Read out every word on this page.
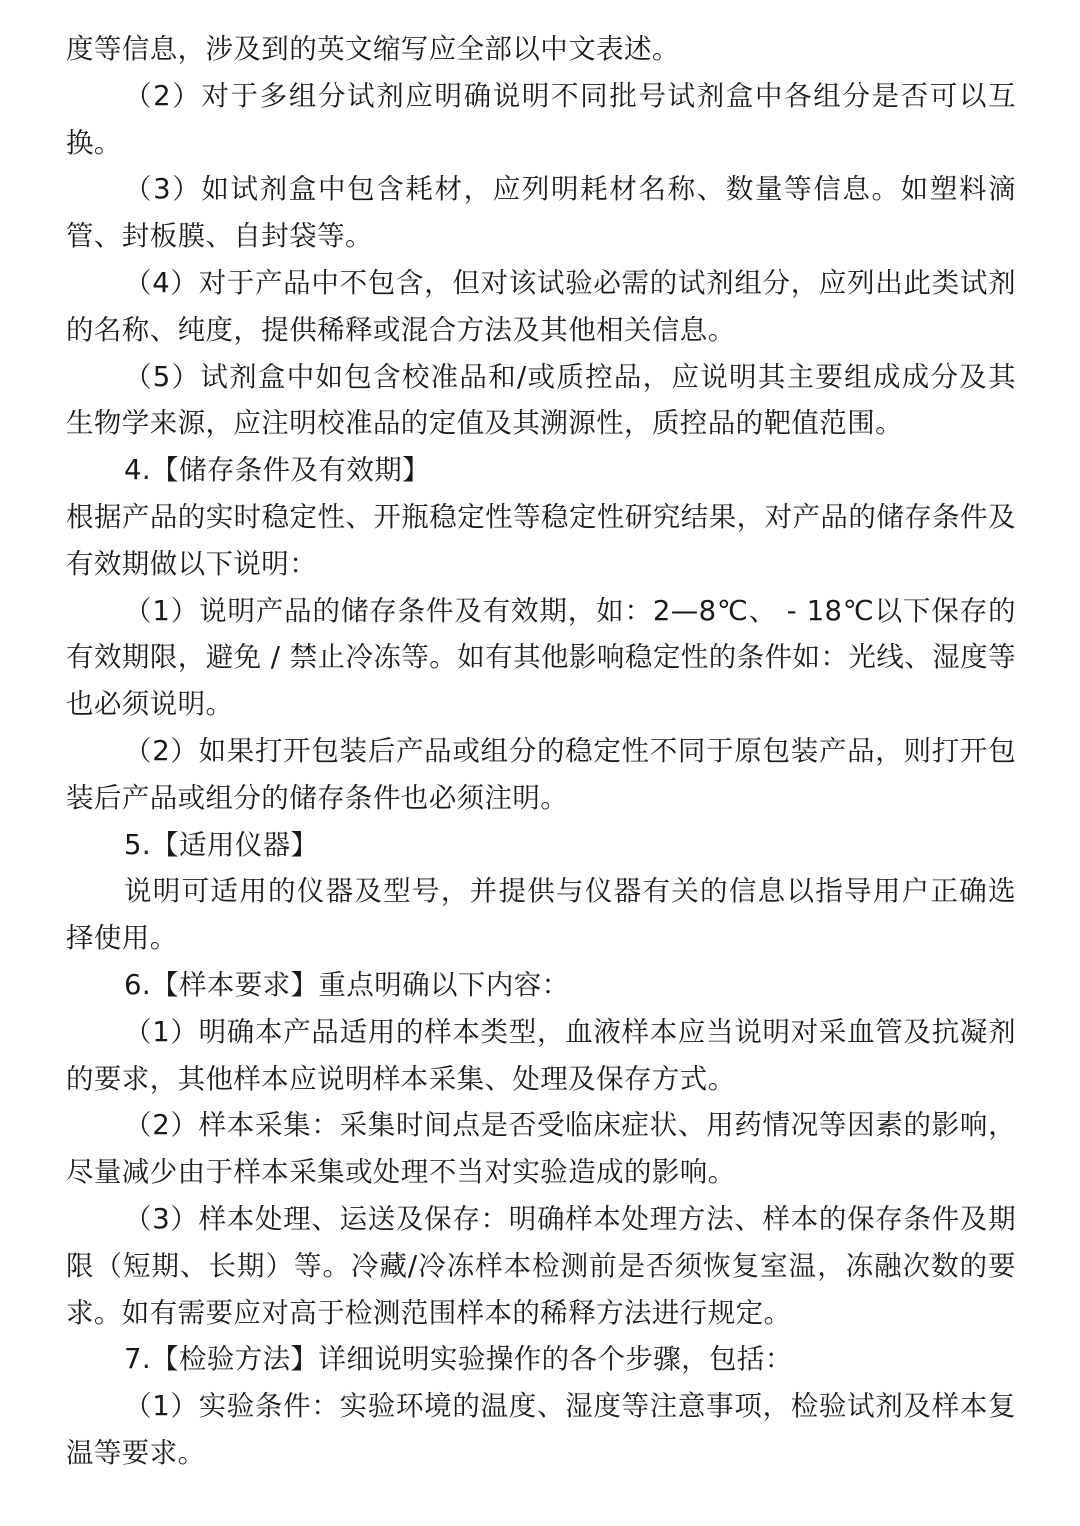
度等信息，涉及到的英文缩写应全部以中文表述。

（2）对于多组分试剂应明确说明不同批号试剂盒中各组分是否可以互换。

（3）如试剂盒中包含耗材，应列明耗材名称、数量等信息。如塑料滴管、封板膜、自封袋等。

（4）对于产品中不包含，但对该试验必需的试剂组分，应列出此类试剂的名称、纯度，提供稀释或混合方法及其他相关信息。

（5）试剂盒中如包含校准品和/或质控品，应说明其主要组成成分及其生物学来源，应注明校准品的定值及其溯源性，质控品的靶值范围。

4.【储存条件及有效期】

根据产品的实时稳定性、开瓶稳定性等稳定性研究结果，对产品的储存条件及有效期做以下说明：

（1）说明产品的储存条件及有效期，如：2—8℃、 - 18℃以下保存的有效期限，避免 / 禁止冷冻等。如有其他影响稳定性的条件如：光线、湿度等也必须说明。

（2）如果打开包装后产品或组分的稳定性不同于原包装产品，则打开包装后产品或组分的储存条件也必须注明。

5.【适用仪器】

说明可适用的仪器及型号，并提供与仪器有关的信息以指导用户正确选择使用。

6.【样本要求】重点明确以下内容：

（1）明确本产品适用的样本类型，血液样本应当说明对采血管及抗凝剂的要求，其他样本应说明样本采集、处理及保存方式。

（2）样本采集：采集时间点是否受临床症状、用药情况等因素的影响，尽量减少由于样本采集或处理不当对实验造成的影响。

（3）样本处理、运送及保存：明确样本处理方法、样本的保存条件及期限（短期、长期）等。冷藏/冷冻样本检测前是否须恢复室温，冻融次数的要求。如有需要应对高于检测范围样本的稀释方法进行规定。

7.【检验方法】详细说明实验操作的各个步骤，包括：

（1）实验条件：实验环境的温度、湿度等注意事项，检验试剂及样本复温等要求。
